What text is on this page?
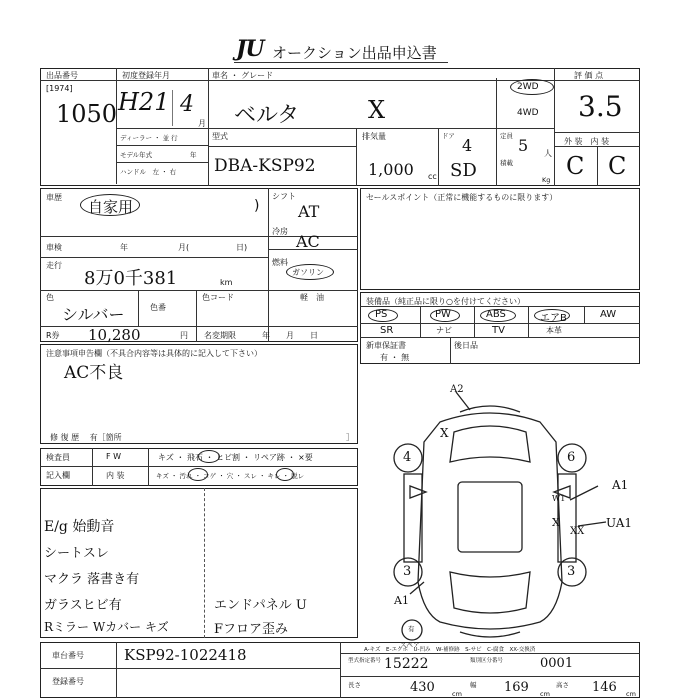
JU オークション出品申込書
出品番号
[1974]
1050
初度登録年月
H21 4
月
車名 ・ グレード
ベルタ	X
2WD
4WD
評 価 点
3.5
ディーラー ・ 並 行
モデル年式	年
ハンドル　左 ・ 右
型式
DBA-KSP92
排気量
1,000 cc
ドア 4
SD
定員 5 人
積載
Kg
外 装　内 装
C C
車歴
自家用	)
シフト
AT
車検	年	月(	日)
冷房
AC
走行
8万0千381	km
燃料
ガソリン
軽　油
色
シルバー	色番
色コード
R券 10,280	円 名変期限	年　　月　　日
セールスポイント（正常に機能するものに限ります）
装備品（純正品に限り○を付けてください）
PS	PW	ABS	エアB	AW
SR	ナビ	TV	本革
新車保証書
有 ・ 無
後日品
注意事項申告欄（不具合内容等は具体的に記入して下さい）
AC不良
修 復 歴　 有［箇所	］
検査員
記入欄
F W	キズ ・ 飛石 ・ ヒビ割 ・ リペア跡 ・ ×要
内 装	キズ ・ 汚れ ・ コゲ ・ 穴 ・ スレ ・ キレ ・ 脱レ
E/g 始動音
シートスレ
マクラ 落書き有
ガラスヒビ有
Rミラー Wカバー キズ
エンドパネル U
Fフロア歪み
A2
A1
UA1
A1
W1
X
X
XX
4	6
3	3
有
スペア
車台番号	KSP92-1022418
登録番号
A-キズ　E-エクボ　U-凹み　W-補修跡　S-サビ　C-腐食　XX-交換済
型式指定番号 15222	類別区分番号	0001
長さ	430	cm
幅 169 cm
高さ 146 cm
